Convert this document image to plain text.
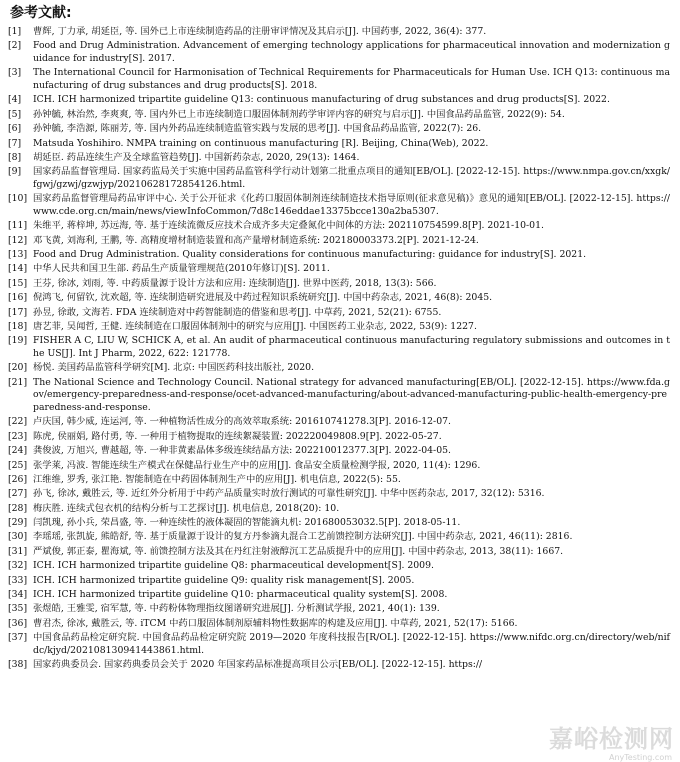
参考文献:
[1]	曹辉, 丁力承, 胡延臣, 等. 国外已上市连续制造药品的注册审评情况及其启示[J]. 中国药事, 2022, 36(4): 377.
[2]	Food and Drug Administration. Advancement of emerging technology applications for pharmaceutical innovation and modernization guidance for industry[S]. 2017.
[3]	The International Council for Harmonisation of Technical Requirements for Pharmaceuticals for Human Use. ICH Q13: continuous manufacturing of drug substances and drug products[S]. 2018.
[4]	ICH. ICH harmonized tripartite guideline Q13: continuous manufacturing of drug substances and drug products[S]. 2022.
[5]	孙钟毓, 林治然, 李爽爽, 等. 国内外已上市连续制造口服固体制剂药学审评内容的研究与启示[J]. 中国食品药品监管, 2022(9): 54.
[6]	孙钟毓, 李浩源, 陈丽芳, 等. 国内外药品连续制造监管实践与发展的思考[J]. 中国食品药品监管, 2022(7): 26.
[7]	Matsuda Yoshihiro. NMPA training on continuous manufacturing [R]. Beijing, China(Web), 2022.
[8]	胡延臣. 药品连续生产及全球监管趋势[J]. 中国新药杂志, 2020, 29(13): 1464.
[9]	国家药品监督管理局. 国家药监局关于实施中国药品监管科学行动计划第二批重点项目的通知[EB/OL]. [2022-12-15]. https://www.nmpa.gov.cn/xxgk/fgwj/gzwj/gzwjyp/20210628172854126.html.
[10] 国家药品监督管理局药品审评中心. 关于公开征求《化药口服固体制剂连续制造技术指导原则(征求意见稿)》意见的通知[EB/OL]. [2022-12-15]. https://www.cde.org.cn/main/news/viewInfoCommon/7d8c146eddae13375bcce130a2ba5307.
[11] 朱维平, 蒋梓坤, 苏远海, 等. 基于连续流微反应技术合成齐多夫定叠氮化中间体的方法: 202110754599.8[P]. 2021-10-01.
[12] 邓飞黄, 刘海利, 王鹏, 等. 高精度增材制造装置和高产量增材制造系统: 202180003373.2[P]. 2021-12-24.
[13] Food and Drug Administration. Quality considerations for continuous manufacturing: guidance for industry[S]. 2021.
[14] 中华人民共和国卫生部. 药品生产质量管理规范(2010年修订)[S]. 2011.
[15] 王芬, 徐冰, 刘雨, 等. 中药质量源于设计方法和应用: 连续制造[J]. 世界中医药, 2018, 13(3): 566.
[16] 倪鸿飞, 何留钦, 沈欢超, 等. 连续制造研究进展及中药过程知识系统研究[J]. 中国中药杂志, 2021, 46(8): 2045.
[17] 孙昱, 徐敢, 文海若. FDA 连续制造对中药智能制造的借鉴和思考[J]. 中草药, 2021, 52(21): 6755.
[18] 唐艺菲, 吴闻哲, 王健. 连续制造在口服固体制剂中的研究与应用[J]. 中国医药工业杂志, 2022, 53(9): 1227.
[19] FISHER A C, LIU W, SCHICK A, et al. An audit of pharmaceutical continuous manufacturing regulatory submissions and outcomes in the US[J]. Int J Pharm, 2022, 622: 121778.
[20] 杨悦. 美国药品监管科学研究[M]. 北京: 中国医药科技出版社, 2020.
[21] The National Science and Technology Council. National strategy for advanced manufacturing[EB/OL]. [2022-12-15]. https://www.fda.gov/emergency-preparedness-and-response/ocet-advanced-manufacturing/about-advanced-manufacturing-public-health-emergency-preparedness-and-response.
[22] 卢庆国, 韩少威, 连运河, 等. 一种植物活性成分的高效萃取系统: 201610741278.3[P]. 2016-12-07.
[23] 陈虎, 侯丽娟, 路付勇, 等. 一种用于植物提取的连续絮凝装置: 202220049808.9[P]. 2022-05-27.
[24] 龚俊波, 万旭兴, 曹越超, 等. 一种非黄素晶体多级连续结晶方法: 202210012377.3[P]. 2022-04-05.
[25] 张学莱, 冯波. 智能连续生产模式在保健品行业生产中的应用[J]. 食品安全质量检测学报, 2020, 11(4): 1296.
[26] 江维维, 罗秀, 张江艳. 智能制造在中药固体制剂生产中的应用[J]. 机电信息, 2022(5): 55.
[27] 孙飞, 徐冰, 戴胜云, 等. 近红外分析用于中药产品质量实时放行测试的可靠性研究[J]. 中华中医药杂志, 2017, 32(12): 5316.
[28] 梅庆胜. 连续式包衣机的结构分析与工艺探讨[J]. 机电信息, 2018(20): 10.
[29] 闫凯瑰, 孙小兵, 荣昌盛, 等. 一种连续性的液体凝固的智能滴丸机: 201680053032.5[P]. 2018-05-11.
[30] 李瑶瑶, 张凯旋, 熊皓舒, 等. 基于质量源于设计的复方丹参滴丸混合工艺前馈控制方法研究[J]. 中国中药杂志, 2021, 46(11): 2816.
[31] 严斌俊, 郭正泰, 瞿海斌, 等. 前馈控制方法及其在丹红注射液醇沉工艺品质提升中的应用[J]. 中国中药杂志, 2013, 38(11): 1667.
[32] ICH. ICH harmonized tripartite guideline Q8: pharmaceutical development[S]. 2009.
[33] ICH. ICH harmonized tripartite guideline Q9: quality risk management[S]. 2005.
[34] ICH. ICH harmonized tripartite guideline Q10: pharmaceutical quality system[S]. 2008.
[35] 张煜皓, 王雅雯, 宿军慧, 等. 中药粉体物理指纹图谱研究进展[J]. 分析测试学报, 2021, 40(1): 139.
[36] 曹君杰, 徐冰, 戴胜云, 等. iTCM 中药口服固体制剂原辅料物性数据库的构建及应用[J]. 中草药, 2021, 52(17): 5166.
[37] 中国食品药品检定研究院. 中国食品药品检定研究院 2019—2020 年度科技报告[R/OL]. [2022-12-15]. https://www.nifdc.org.cn/directory/web/nifdc/kjyd/202108130941443861.html.
[38] 国家药典委员会. 国家药典委员会关于 2020 年国家药品标准提高项目公示[EB/OL]. [2022-12-15]. https://
嘉峪检测网
AnyTesting.com
